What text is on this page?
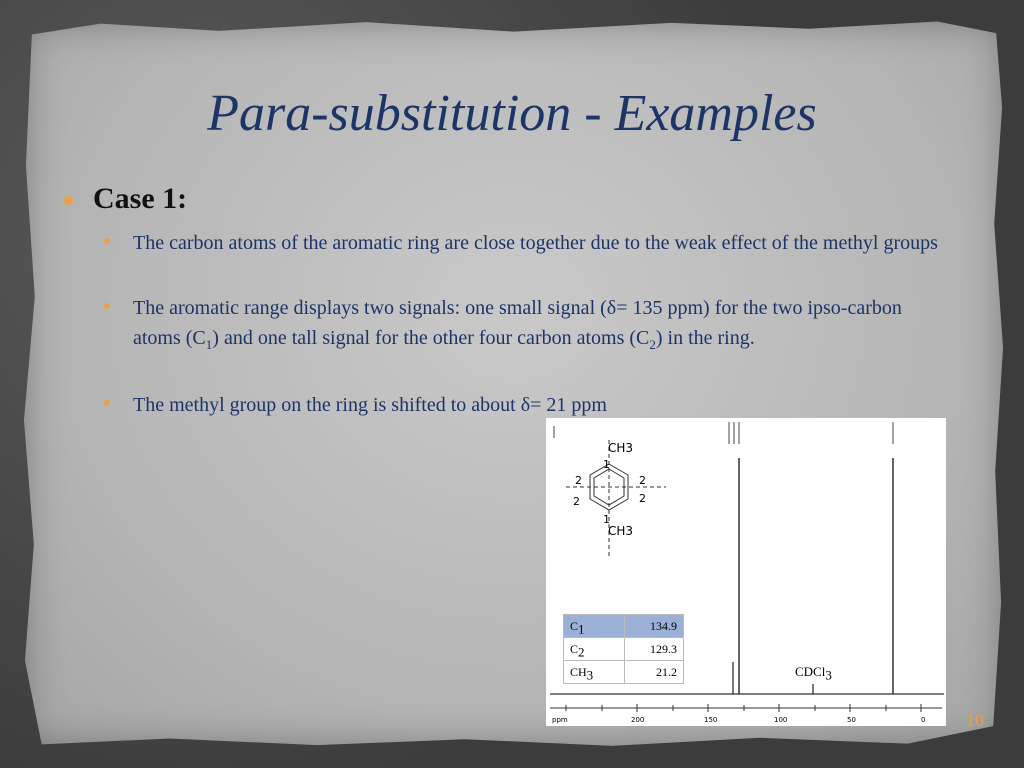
Para-substitution - Examples
Case 1:
The carbon atoms of the aromatic ring are close together due to the weak effect of the methyl groups
The aromatic range displays two signals: one small signal (δ= 135 ppm) for the two ipso-carbon atoms $(C_1)$ and one tall signal for the other four carbon atoms $(C_2)$ in the ring.
The methyl group on the ring is shifted to about δ= 21 ppm
CH3
1
2	2
2	2
1
CH3
ppm	200	150	100	50	0
$C_1$	134.9
$C_2$	129.3
$CH_3$	21.2	CDCl$_3$
10
